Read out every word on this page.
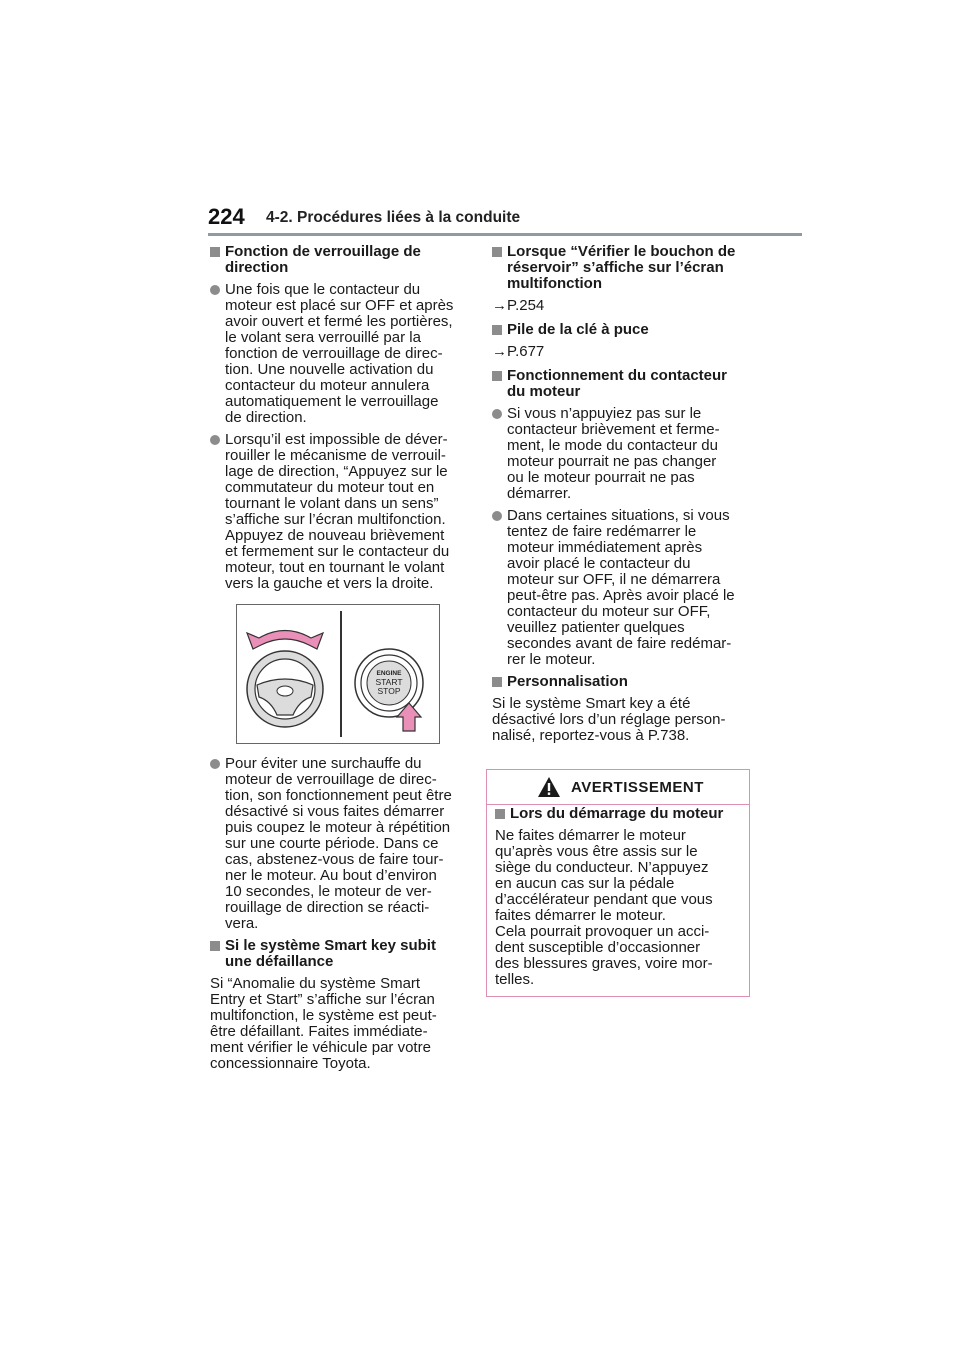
224 4-2. Procédures liées à la conduite
Fonction de verrouillage de
direction
Une fois que le contacteur du
moteur est placé sur OFF et après
avoir ouvert et fermé les portières,
le volant sera verrouillé par la
fonction de verrouillage de direc-
tion. Une nouvelle activation du
contacteur du moteur annulera
automatiquement le verrouillage
de direction.
Lorsqu’il est impossible de déver-
rouiller le mécanisme de verrouil-
lage de direction, “Appuyez sur le
commutateur du moteur tout en
tournant le volant dans un sens”
s’affiche sur l’écran multifonction.
Appuyez de nouveau brièvement
et fermement sur le contacteur du
moteur, tout en tournant le volant
vers la gauche et vers la droite.
ENGINE
START
STOP
Pour éviter une surchauffe du
moteur de verrouillage de direc-
tion, son fonctionnement peut être
désactivé si vous faites démarrer
puis coupez le moteur à répétition
sur une courte période. Dans ce
cas, abstenez-vous de faire tour-
ner le moteur. Au bout d’environ
10 secondes, le moteur de ver-
rouillage de direction se réacti-
vera.
Si le système Smart key subit
une défaillance
Si “Anomalie du système Smart
Entry et Start” s’affiche sur l’écran
multifonction, le système est peut-
être défaillant. Faites immédiate-
ment vérifier le véhicule par votre
concessionnaire Toyota.
Lorsque “Vérifier le bouchon de
réservoir” s’affiche sur l’écran
multifonction
→P.254
Pile de la clé à puce
→P.677
Fonctionnement du contacteur
du moteur
Si vous n’appuyiez pas sur le
contacteur brièvement et ferme-
ment, le mode du contacteur du
moteur pourrait ne pas changer
ou le moteur pourrait ne pas
démarrer.
Dans certaines situations, si vous
tentez de faire redémarrer le
moteur immédiatement après
avoir placé le contacteur du
moteur sur OFF, il ne démarrera
peut-être pas. Après avoir placé le
contacteur du moteur sur OFF,
veuillez patienter quelques
secondes avant de faire redémar-
rer le moteur.
Personnalisation
Si le système Smart key a été
désactivé lors d’un réglage person-
nalisé, reportez-vous à P.738.
AVERTISSEMENT
Lors du démarrage du moteur
Ne faites démarrer le moteur
qu’après vous être assis sur le
siège du conducteur. N’appuyez
en aucun cas sur la pédale
d’accélérateur pendant que vous
faites démarrer le moteur.
Cela pourrait provoquer un acci-
dent susceptible d’occasionner
des blessures graves, voire mor-
telles.
